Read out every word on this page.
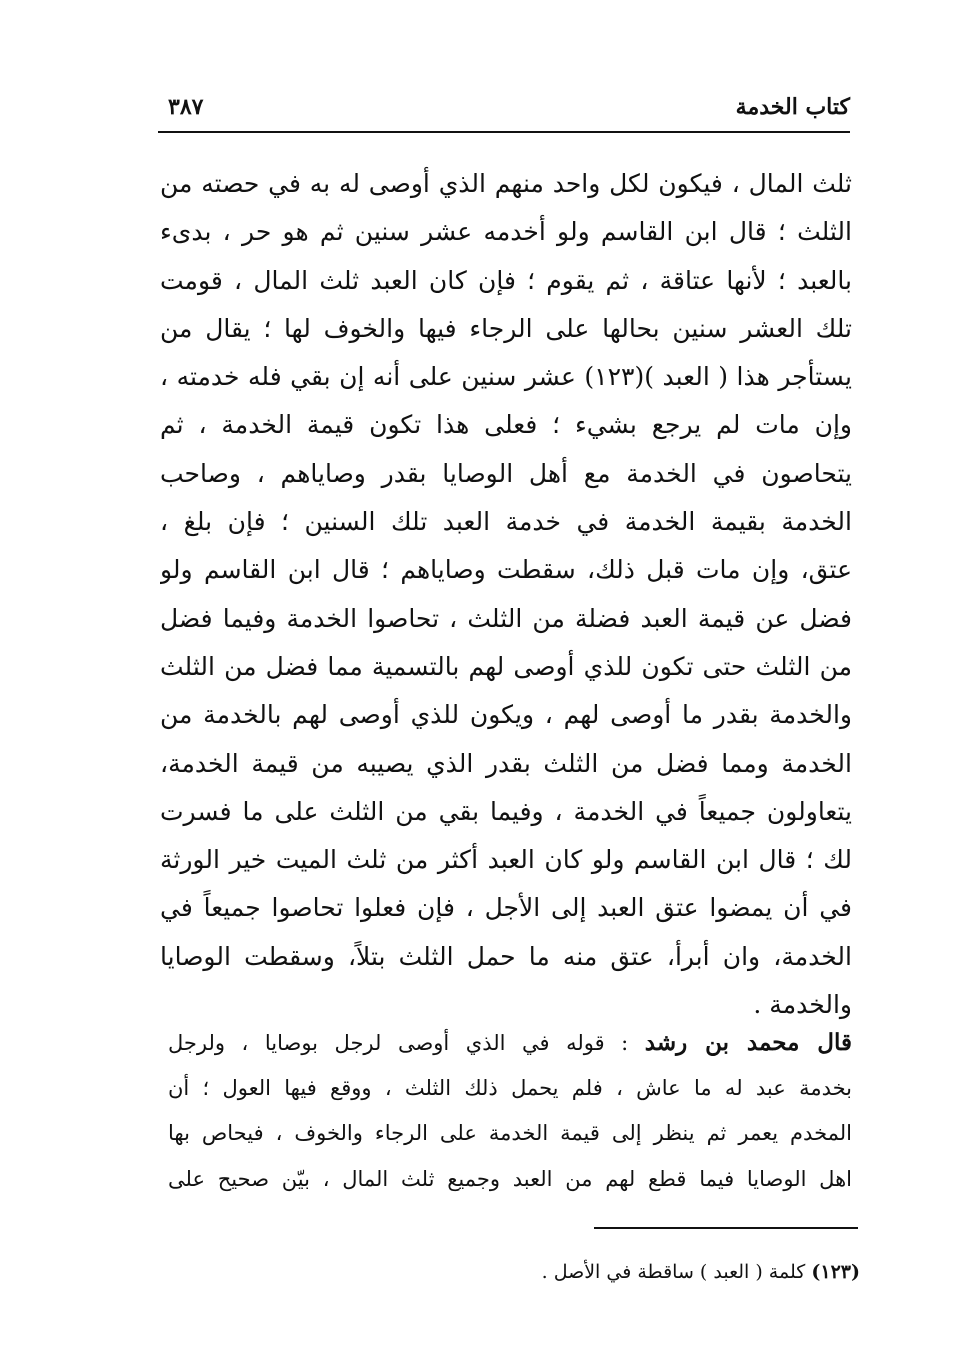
كتاب الخدمة
٣٨٧
ثلث المال ، فيكون لكل واحد منهم الذي أوصى له به في حصته من
الثلث ؛ قال ابن القاسم ولو أخدمه عشر سنين ثم هو حر ، بدىء
بالعبد ؛ لأنها عتاقة ، ثم يقوم ؛ فإن كان العبد ثلث المال ، قومت
تلك العشر سنين بحالها على الرجاء فيها والخوف لها ؛ يقال من
يستأجر هذا ( العبد )(١٢٣) عشر سنين على أنه إن بقي فله خدمته ،
وإن مات لم يرجع بشيء ؛ فعلى هذا تكون قيمة الخدمة ، ثم
يتحاصون في الخدمة مع أهل الوصايا بقدر وصاياهم ، وصاحب
الخدمة بقيمة الخدمة في خدمة العبد تلك السنين ؛ فإن بلغ ،
عتق، وإن مات قبل ذلك، سقطت وصاياهم ؛ قال ابن القاسم ولو
فضل عن قيمة العبد فضلة من الثلث ، تحاصوا الخدمة وفيما فضل
من الثلث حتى تكون للذي أوصى لهم بالتسمية مما فضل من الثلث
والخدمة بقدر ما أوصى لهم ، ويكون للذي أوصى لهم بالخدمة من
الخدمة ومما فضل من الثلث بقدر الذي يصيبه من قيمة الخدمة،
يتعاولون جميعاً في الخدمة ، وفيما بقي من الثلث على ما فسرت
لك ؛ قال ابن القاسم ولو كان العبد أكثر من ثلث الميت خير الورثة
في أن يمضوا عتق العبد إلى الأجل ، فإن فعلوا تحاصوا جميعاً في
الخدمة، وان أبرأ، عتق منه ما حمل الثلث بتلاً، وسقطت الوصايا
والخدمة .
قال محمد بن رشد : قوله في الذي أوصى لرجل بوصايا ، ولرجل
بخدمة عبد له ما عاش ، فلم يحمل ذلك الثلث ، ووقع فيها العول ؛ أن
المخدم يعمر ثم ينظر إلى قيمة الخدمة على الرجاء والخوف ، فيحاص بها
اهل الوصايا فيما قطع لهم من العبد وجميع ثلث المال ، بيّن صحيح على
(١٢٣) كلمة ( العبد ) ساقطة في الأصل .
